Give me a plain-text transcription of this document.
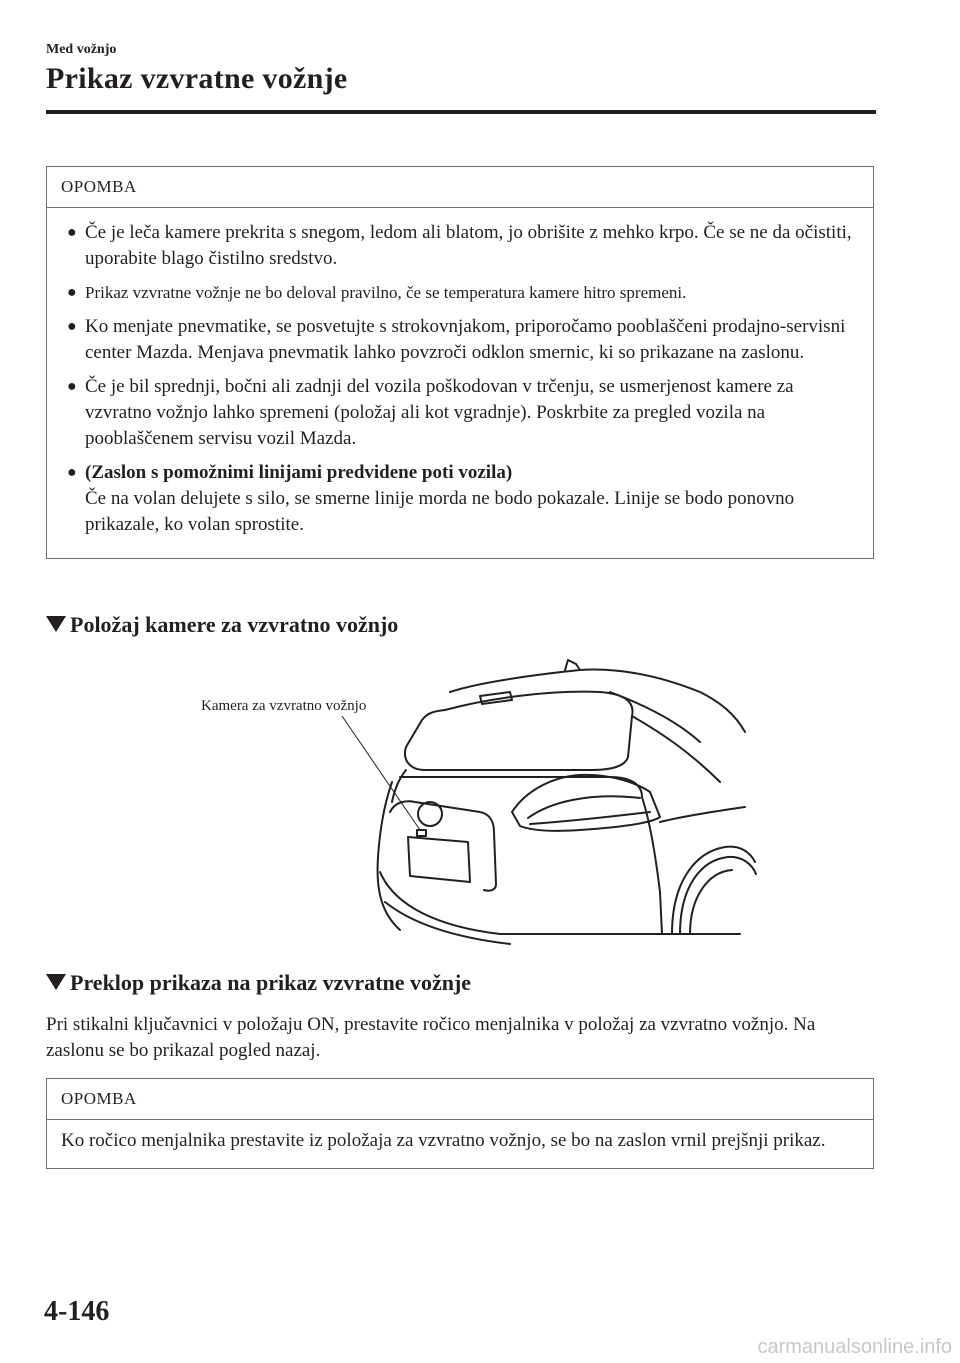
Med vožnjo
Prikaz vzvratne vožnje
OPOMBA
● Če je leča kamere prekrita s snegom, ledom ali blatom, jo obrišite z mehko krpo. Če se ne da očistiti, uporabite blago čistilno sredstvo.
● Prikaz vzvratne vožnje ne bo deloval pravilno, če se temperatura kamere hitro spremeni.
● Ko menjate pnevmatike, se posvetujte s strokovnjakom, priporočamo pooblaščeni prodajno-servisni center Mazda. Menjava pnevmatik lahko povzroči odklon smernic, ki so prikazane na zaslonu.
● Če je bil sprednji, bočni ali zadnji del vozila poškodovan v trčenju, se usmerjenost kamere za vzvratno vožnjo lahko spremeni (položaj ali kot vgradnje). Poskrbite za pregled vozila na pooblaščenem servisu vozil Mazda.
● (Zaslon s pomožnimi linijami predvidene poti vozila)
Če na volan delujete s silo, se smerne linije morda ne bodo pokazale. Linije se bodo ponovno prikazale, ko volan sprostite.
Položaj kamere za vzvratno vožnjo
Kamera za vzvratno vožnjo
Preklop prikaza na prikaz vzvratne vožnje
Pri stikalni ključavnici v položaju ON, prestavite ročico menjalnika v položaj za vzvratno vožnjo. Na zaslonu se bo prikazal pogled nazaj.
OPOMBA
Ko ročico menjalnika prestavite iz položaja za vzvratno vožnjo, se bo na zaslon vrnil prejšnji prikaz.
4-146
carmanualsonline.info
